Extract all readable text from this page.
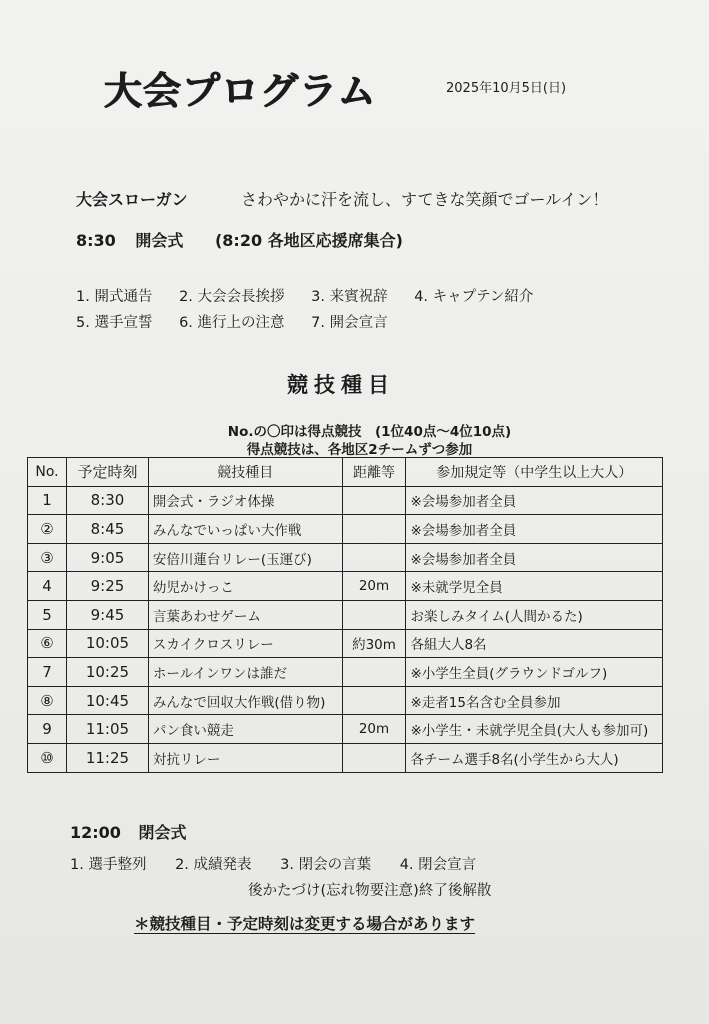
大会プログラム	2025年10月5日(日)
大会スローガン	さわやかに汗を流し、すてきな笑顔でゴールイン！
8:30 開会式 (8:20 各地区応援席集合)
1. 開式通告 2. 大会会長挨拶 3. 来賓祝辞 4. キャプテン紹介
5. 選手宣誓 6. 進行上の注意 7. 開会宣言
競技種目
No.の〇印は得点競技　(1位40点～4位10点)
得点競技は、各地区2チームずつ参加
No.	予定時刻	競技種目	距離等	参加規定等（中学生以上大人）
1	8:30	開会式・ラジオ体操		※会場参加者全員
②	8:45	みんなでいっぱい大作戦		※会場参加者全員
③	9:05	安倍川蓮台リレー(玉運び)		※会場参加者全員
4	9:25	幼児かけっこ	20m	※未就学児全員
5	9:45	言葉あわせゲーム		お楽しみタイム(人間かるた)
⑥	10:05	スカイクロスリレー	約30m	各組大人8名
7	10:25	ホールインワンは誰だ		※小学生全員(グラウンドゴルフ)
⑧	10:45	みんなで回収大作戦(借り物)		※走者15名含む全員参加
9	11:05	パン食い競走	20m	※小学生・未就学児全員(大人も参加可)
⑩	11:25	対抗リレー		各チーム選手8名(小学生から大人)
12:00 閉会式
1. 選手整列 2. 成績発表 3. 閉会の言葉 4. 閉会宣言
後かたづけ(忘れ物要注意)終了後解散
＊競技種目・予定時刻は変更する場合があります
